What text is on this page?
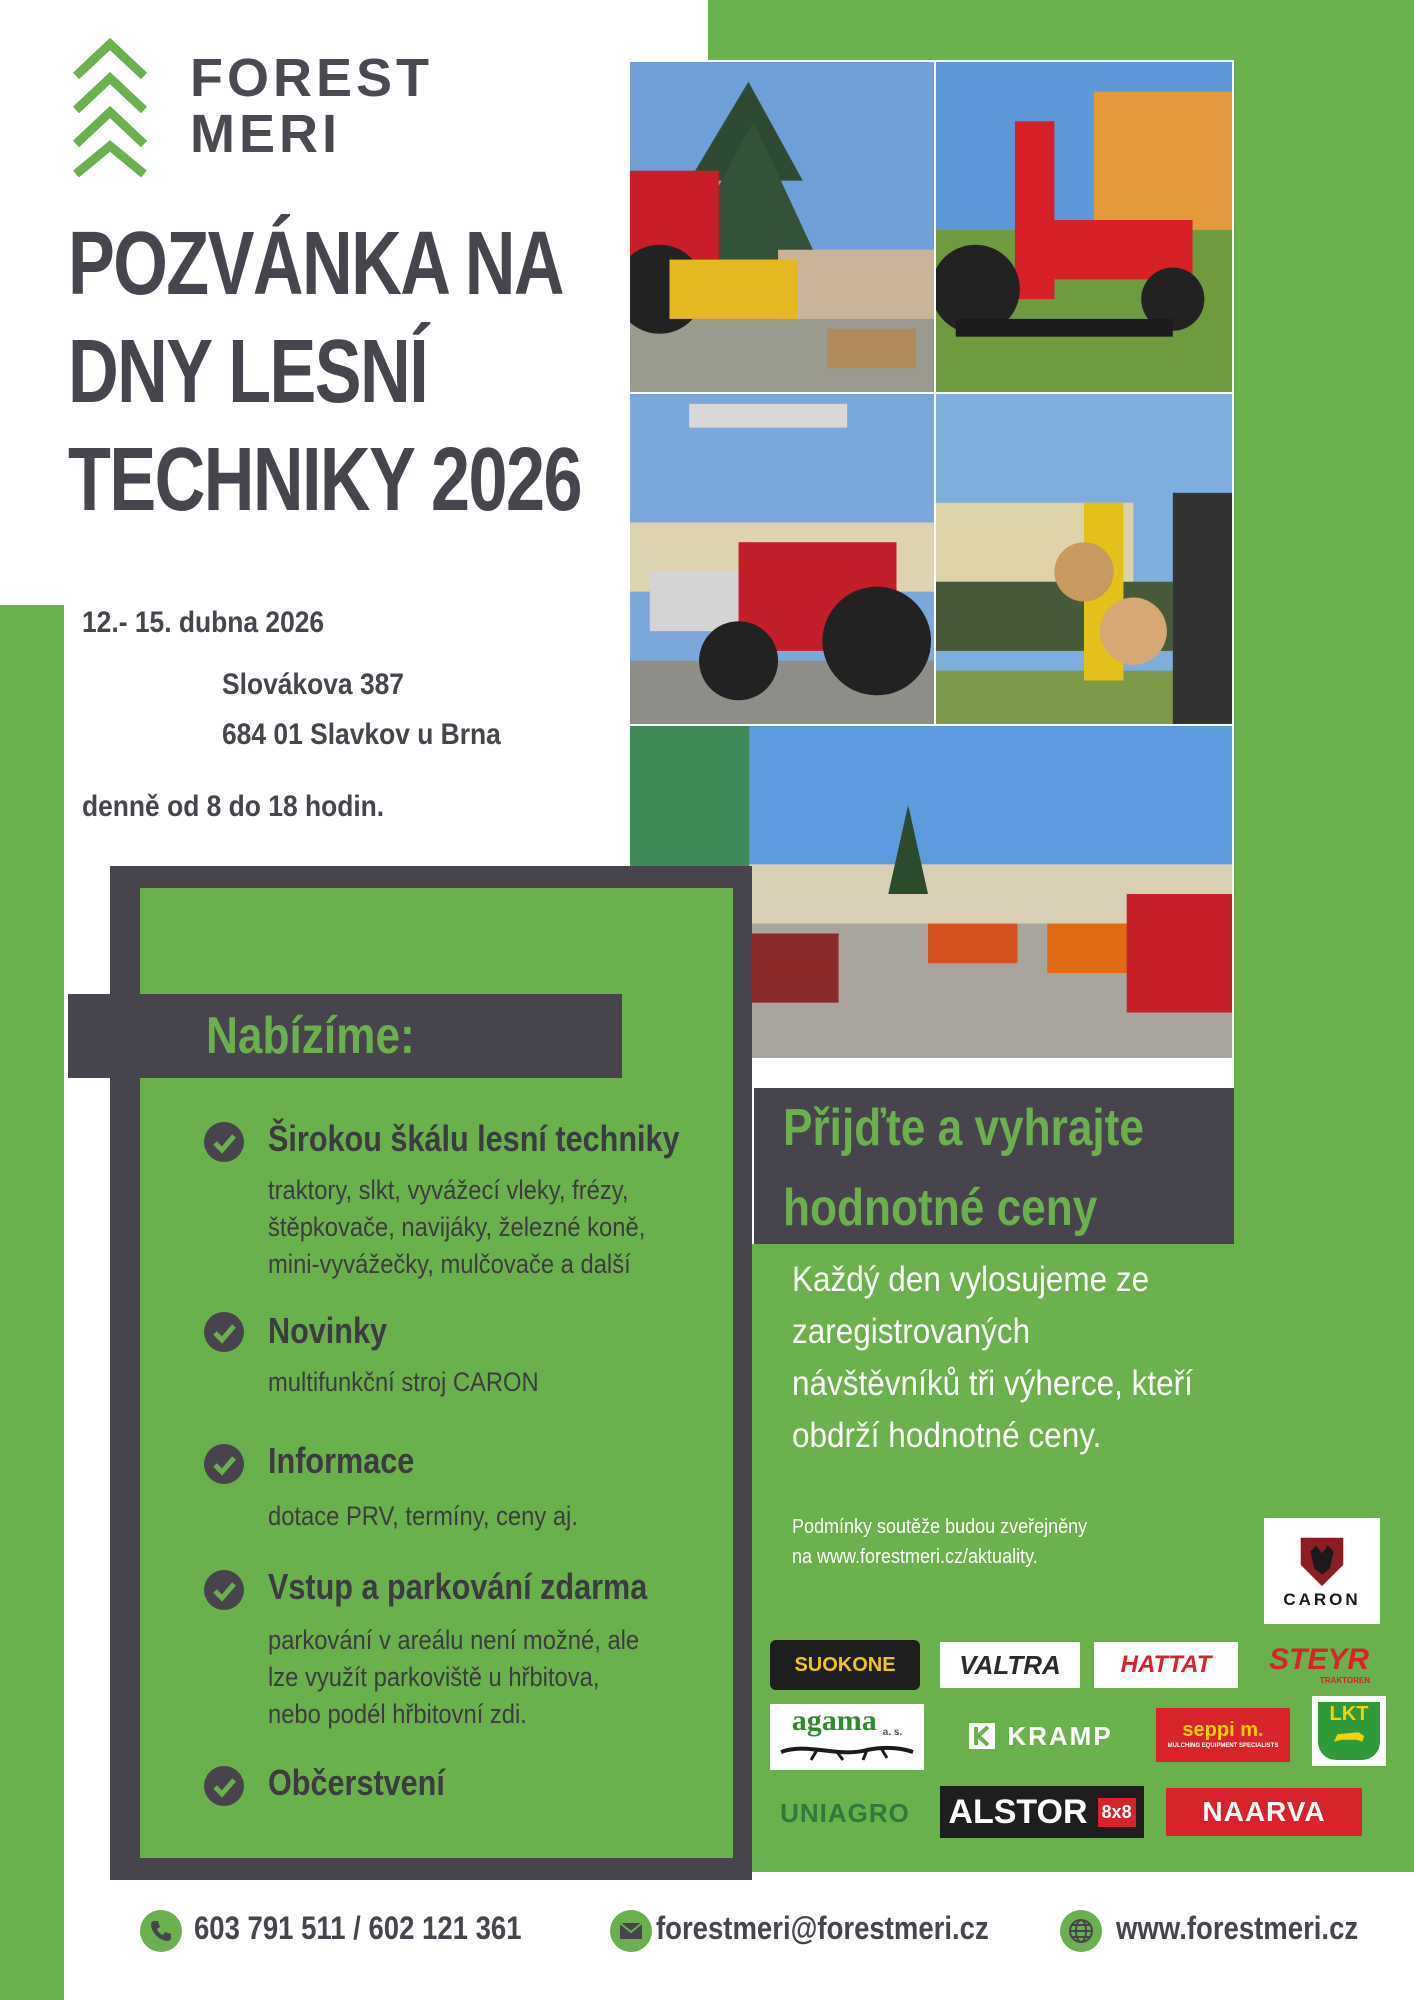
FOREST
MERI
POZVÁNKA NA
DNY LESNÍ
TECHNIKY 2026
12.- 15. dubna 2026
Slovákova 387
684 01 Slavkov u Brna
denně od 8 do 18 hodin.
Nabízíme:
Širokou škálu lesní techniky
traktory, slkt, vyvážecí vleky, frézy,
štěpkovače, navijáky, železné koně,
mini-vyvážečky, mulčovače a další
Novinky
multifunkční stroj CARON
Informace
dotace PRV, termíny, ceny aj.
Vstup a parkování zdarma
parkování v areálu není možné, ale
lze využít parkoviště u hřbitova,
nebo podél hřbitovní zdi.
Občerstvení
Přijďte a vyhrajte
hodnotné ceny
Každý den vylosujeme ze
zaregistrovaných
návštěvníků tři výherce, kteří
obdrží hodnotné ceny.
Podmínky soutěže budou zveřejněny
na www.forestmeri.cz/aktuality.
CARON
SUOKONE VALTRA HATTAT STEYR
TRAKTOREN
agama a. s.	KRAMP	seppi m.
MULCHING EQUIPMENT SPECIALISTS
LKT
UNIAGRO ALSTOR 8x8	NAARVA
603 791 511 / 602 121 361	forestmeri@forestmeri.cz	www.forestmeri.cz
